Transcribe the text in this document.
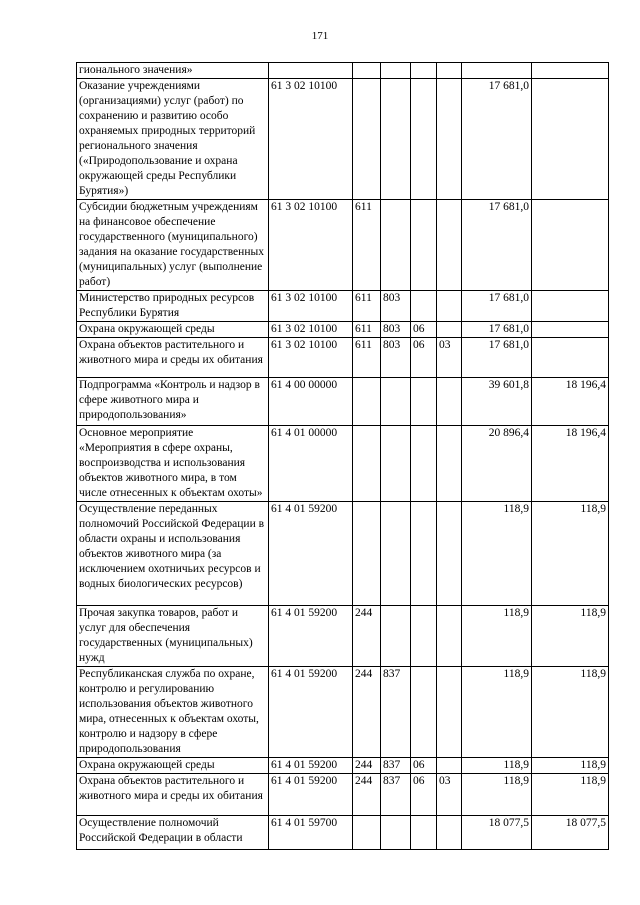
171
гионального значения»							
Оказание учреждениями (организациями) услуг (работ) по сохранению и развитию особо охраняемых природных территорий регионального значения («Природопользование и охрана окружающей среды Республики Бурятия»)	61 3 02 10100					17 681,0	
Субсидии бюджетным учреждениям на финансовое обеспечение государственного (муниципального) задания на оказание государственных (муниципальных) услуг (выполнение работ)	61 3 02 10100	611				17 681,0	
Министерство природных ресурсов Республики Бурятия	61 3 02 10100	611	803			17 681,0	
Охрана окружающей среды	61 3 02 10100	611	803	06		17 681,0	
Охрана объектов растительного и животного мира и среды их обитания	61 3 02 10100	611	803	06	03	17 681,0	
Подпрограмма «Контроль и надзор в сфере животного мира и природопользования»	61 4 00 00000					39 601,8	18 196,4
Основное мероприятие «Мероприятия в сфере охраны, воспроизводства и использования объектов животного мира, в том числе отнесенных к объектам охоты»	61 4 01 00000					20 896,4	18 196,4
Осуществление переданных полномочий Российской Федерации в области охраны и использования объектов животного мира (за исключением охотничьих ресурсов и водных биологических ресурсов)	61 4 01 59200					118,9	118,9
Прочая закупка товаров, работ и услуг для обеспечения государственных (муниципальных) нужд	61 4 01 59200	244				118,9	118,9
Республиканская служба по охране, контролю и регулированию использования объектов животного мира, отнесенных к объектам охоты, контролю и надзору в сфере природопользования	61 4 01 59200	244	837			118,9	118,9
Охрана окружающей среды	61 4 01 59200	244	837	06		118,9	118,9
Охрана объектов растительного и животного мира и среды их обитания	61 4 01 59200	244	837	06	03	118,9	118,9
Осуществление полномочий Российской Федерации в области	61 4 01 59700					18 077,5	18 077,5
